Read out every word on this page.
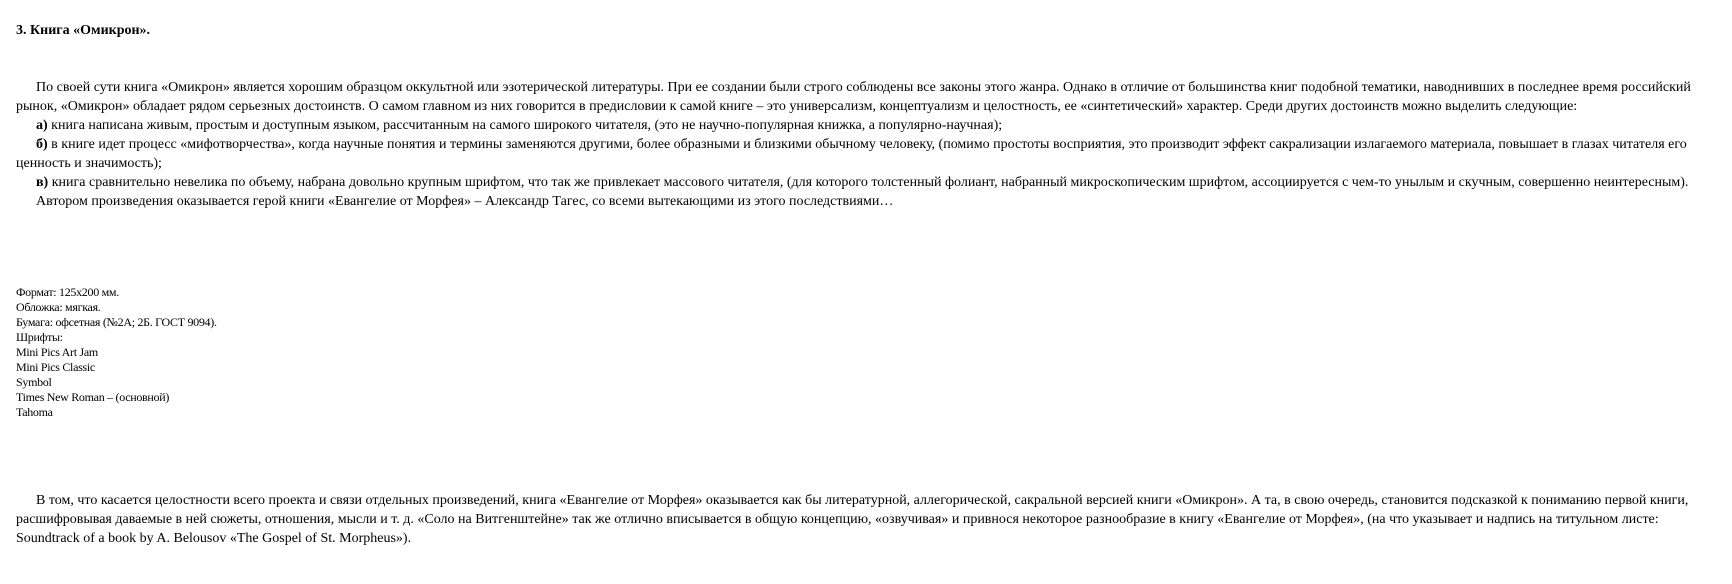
3. Книга «Омикрон».

По своей сути книга «Омикрон» является хорошим образцом оккультной или эзотерической литературы. При ее создании были строго соблюдены все законы этого жанра. Однако в отличие от большинства книг подобной тематики, наводнивших в последнее время российский рынок, «Омикрон» обладает рядом серьезных достоинств. О самом главном из них говорится в предисловии к самой книге – это универсализм, концептуализм и целостность, ее «синтетический» характер. Среди других достоинств можно выделить следующие:

а) книга написана живым, простым и доступным языком, рассчитанным на самого широкого читателя, (это не научно-популярная книжка, а популярно-научная);

б) в книге идет процесс «мифотворчества», когда научные понятия и термины заменяются другими, более образными и близкими обычному человеку, (помимо простоты восприятия, это производит эффект сакрализации излагаемого материала, повышает в глазах читателя его ценность и значимость);

в) книга сравнительно невелика по объему, набрана довольно крупным шрифтом, что так же привлекает массового читателя, (для которого толстенный фолиант, набранный микроскопическим шрифтом, ассоциируется с чем-то унылым и скучным, совершенно неинтересным).

Автором произведения оказывается герой книги «Евангелие от Морфея» – Александр Тагес, со всеми вытекающими из этого последствиями…

Формат: 125x200 мм.
Обложка: мягкая.
Бумага: офсетная (№2А; 2Б. ГОСТ 9094).
Шрифты:
Mini Pics Art Jam
Mini Pics Classic
Symbol
Times New Roman – (основной)
Tahoma

В том, что касается целостности всего проекта и связи отдельных произведений, книга «Евангелие от Морфея» оказывается как бы литературной, аллегорической, сакральной версией книги «Омикрон». А та, в свою очередь, становится подсказкой к пониманию первой книги, расшифровывая даваемые в ней сюжеты, отношения, мысли и т. д. «Соло на Витгенштейне» так же отлично вписывается в общую концепцию, «озвучивая» и привнося некоторое разнообразие в книгу «Евангелие от Морфея», (на что указывает и надпись на титульном листе: Soundtrack of a book by A. Belousov «The Gospel of St. Morpheus»).
